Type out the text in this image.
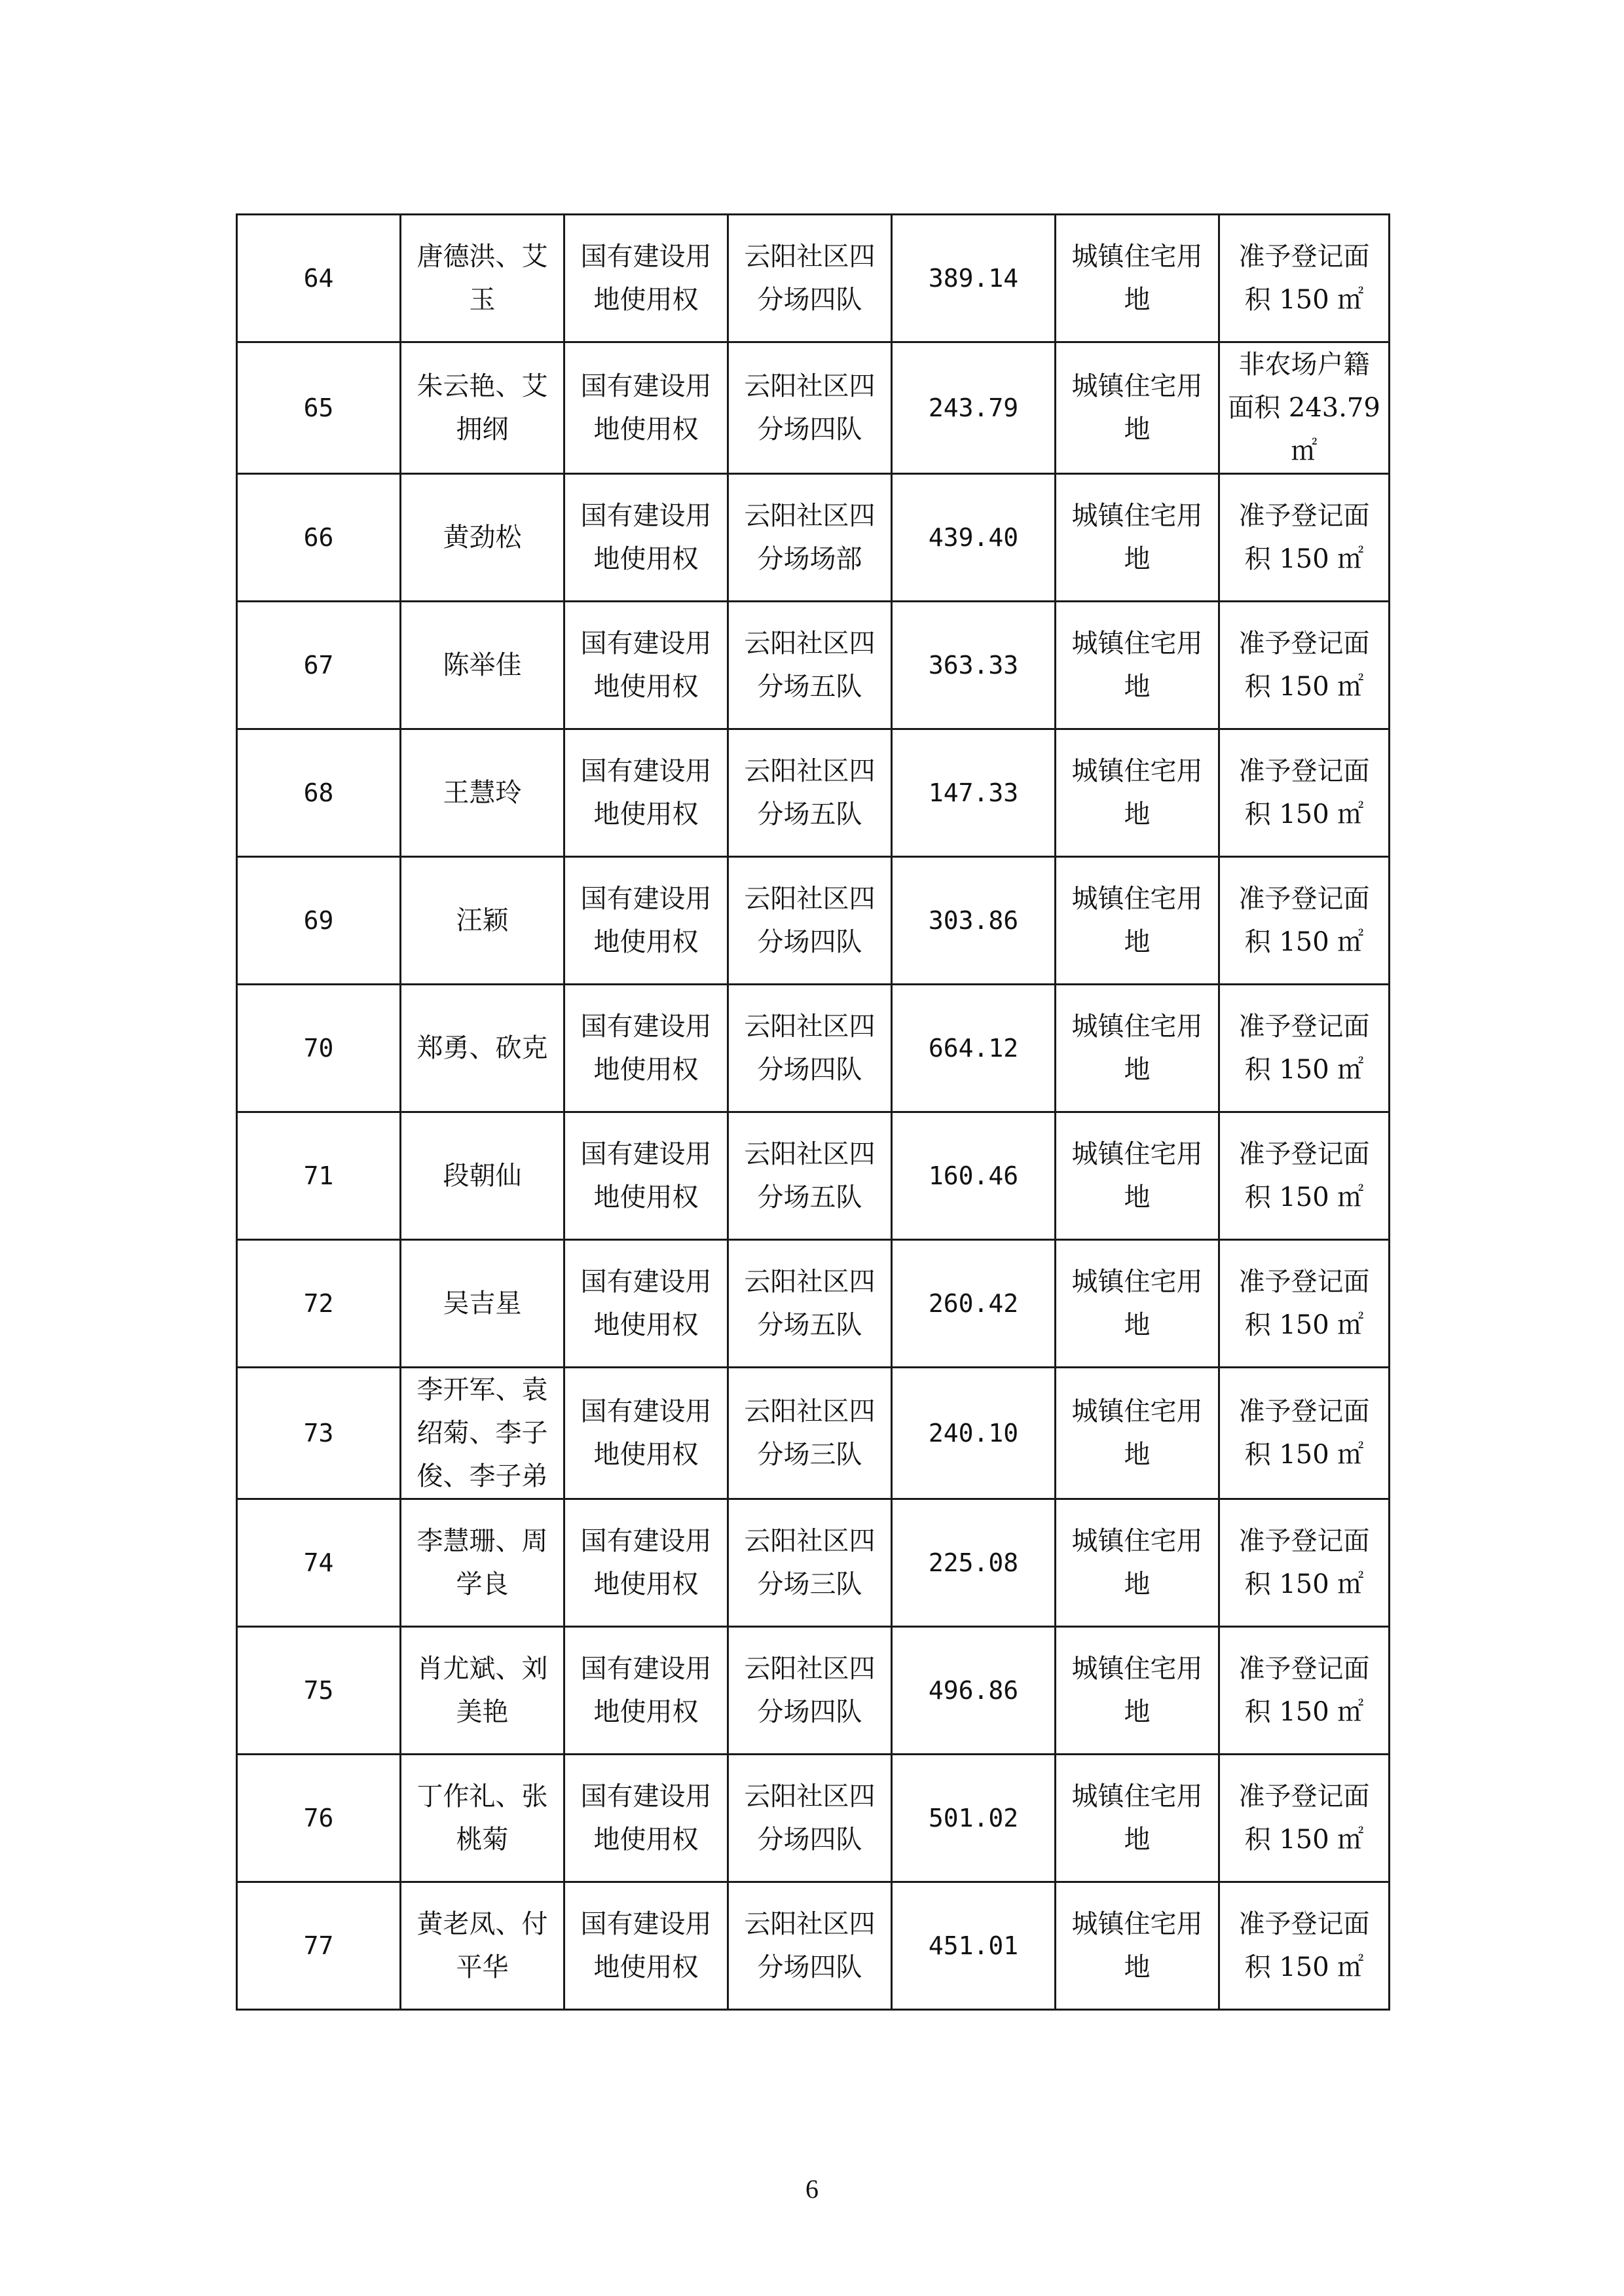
64	唐德洪、艾玉	国有建设用地使用权	云阳社区四分场四队	389.14	城镇住宅用地	准予登记面积 150 ㎡
65	朱云艳、艾拥纲	国有建设用地使用权	云阳社区四分场四队	243.79	城镇住宅用地	非农场户籍面积 243.79 ㎡
66	黄劲松	国有建设用地使用权	云阳社区四分场场部	439.40	城镇住宅用地	准予登记面积 150 ㎡
67	陈举佳	国有建设用地使用权	云阳社区四分场五队	363.33	城镇住宅用地	准予登记面积 150 ㎡
68	王慧玲	国有建设用地使用权	云阳社区四分场五队	147.33	城镇住宅用地	准予登记面积 150 ㎡
69	汪颖	国有建设用地使用权	云阳社区四分场四队	303.86	城镇住宅用地	准予登记面积 150 ㎡
70	郑勇、砍克	国有建设用地使用权	云阳社区四分场四队	664.12	城镇住宅用地	准予登记面积 150 ㎡
71	段朝仙	国有建设用地使用权	云阳社区四分场五队	160.46	城镇住宅用地	准予登记面积 150 ㎡
72	吴吉星	国有建设用地使用权	云阳社区四分场五队	260.42	城镇住宅用地	准予登记面积 150 ㎡
73	李开军、袁绍菊、李子俊、李子弟	国有建设用地使用权	云阳社区四分场三队	240.10	城镇住宅用地	准予登记面积 150 ㎡
74	李慧珊、周学良	国有建设用地使用权	云阳社区四分场三队	225.08	城镇住宅用地	准予登记面积 150 ㎡
75	肖尤斌、刘美艳	国有建设用地使用权	云阳社区四分场四队	496.86	城镇住宅用地	准予登记面积 150 ㎡
76	丁作礼、张桃菊	国有建设用地使用权	云阳社区四分场四队	501.02	城镇住宅用地	准予登记面积 150 ㎡
77	黄老凤、付平华	国有建设用地使用权	云阳社区四分场四队	451.01	城镇住宅用地	准予登记面积 150 ㎡
6
